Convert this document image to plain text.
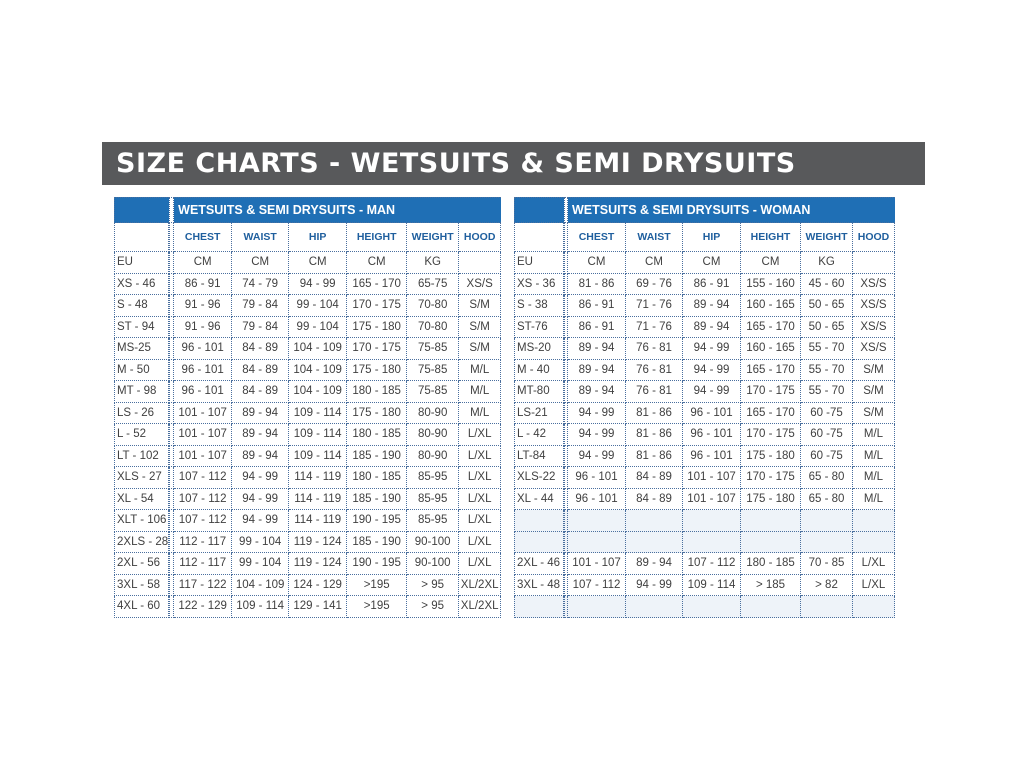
SIZE CHARTS - WETSUITS & SEMI DRYSUITS
		WETSUITS & SEMI DRYSUITS - MAN					
		CHEST	WAIST	HIP	HEIGHT	WEIGHT	HOOD
EU		CM	CM	CM	CM	KG	
XS - 46		86 - 91	74 - 79	94 - 99	165 - 170	65-75	XS/S
S - 48		91 - 96	79 - 84	99 - 104	170 - 175	70-80	S/M
ST - 94		91 - 96	79 - 84	99 - 104	175 - 180	70-80	S/M
MS-25		96 - 101	84 - 89	104 - 109	170 - 175	75-85	S/M
M - 50		96 - 101	84 - 89	104 - 109	175 - 180	75-85	M/L
MT - 98		96 - 101	84 - 89	104 - 109	180 - 185	75-85	M/L
LS - 26		101 - 107	89 - 94	109 - 114	175 - 180	80-90	M/L
L - 52		101 - 107	89 - 94	109 - 114	180 - 185	80-90	L/XL
LT - 102		101 - 107	89 - 94	109 - 114	185 - 190	80-90	L/XL
XLS - 27		107 - 112	94 - 99	114 - 119	180 - 185	85-95	L/XL
XL - 54		107 - 112	94 - 99	114 - 119	185 - 190	85-95	L/XL
XLT - 106		107 - 112	94 - 99	114 - 119	190 - 195	85-95	L/XL
2XLS - 28		112 - 117	99 - 104	119 - 124	185 - 190	90-100	L/XL
2XL - 56		112 - 117	99 - 104	119 - 124	190 - 195	90-100	L/XL
3XL - 58		117 - 122	104 - 109	124 - 129	>195	> 95	XL/2XL
4XL - 60		122 - 129	109 - 114	129 - 141	>195	> 95	XL/2XL
		WETSUITS & SEMI DRYSUITS - WOMAN					
		CHEST	WAIST	HIP	HEIGHT	WEIGHT	HOOD
EU		CM	CM	CM	CM	KG	
XS - 36		81 - 86	69 - 76	86 - 91	155 - 160	45 - 60	XS/S
S - 38		86 - 91	71 - 76	89 - 94	160 - 165	50 - 65	XS/S
ST-76		86 - 91	71 - 76	89 - 94	165 - 170	50 - 65	XS/S
MS-20		89 - 94	76 - 81	94 - 99	160 - 165	55 - 70	XS/S
M - 40		89 - 94	76 - 81	94 - 99	165 - 170	55 - 70	S/M
MT-80		89 - 94	76 - 81	94 - 99	170 - 175	55 - 70	S/M
LS-21		94 - 99	81 - 86	96 - 101	165 - 170	60 -75	S/M
L - 42		94 - 99	81 - 86	96 - 101	170 - 175	60 -75	M/L
LT-84		94 - 99	81 - 86	96 - 101	175 - 180	60 -75	M/L
XLS-22		96 - 101	84 - 89	101 - 107	170 - 175	65 - 80	M/L
XL - 44		96 - 101	84 - 89	101 - 107	175 - 180	65 - 80	M/L

2XL - 46		101 - 107	89 - 94	107 - 112	180 - 185	70 - 85	L/XL
3XL - 48		107 - 112	94 - 99	109 - 114	> 185	> 82	L/XL
